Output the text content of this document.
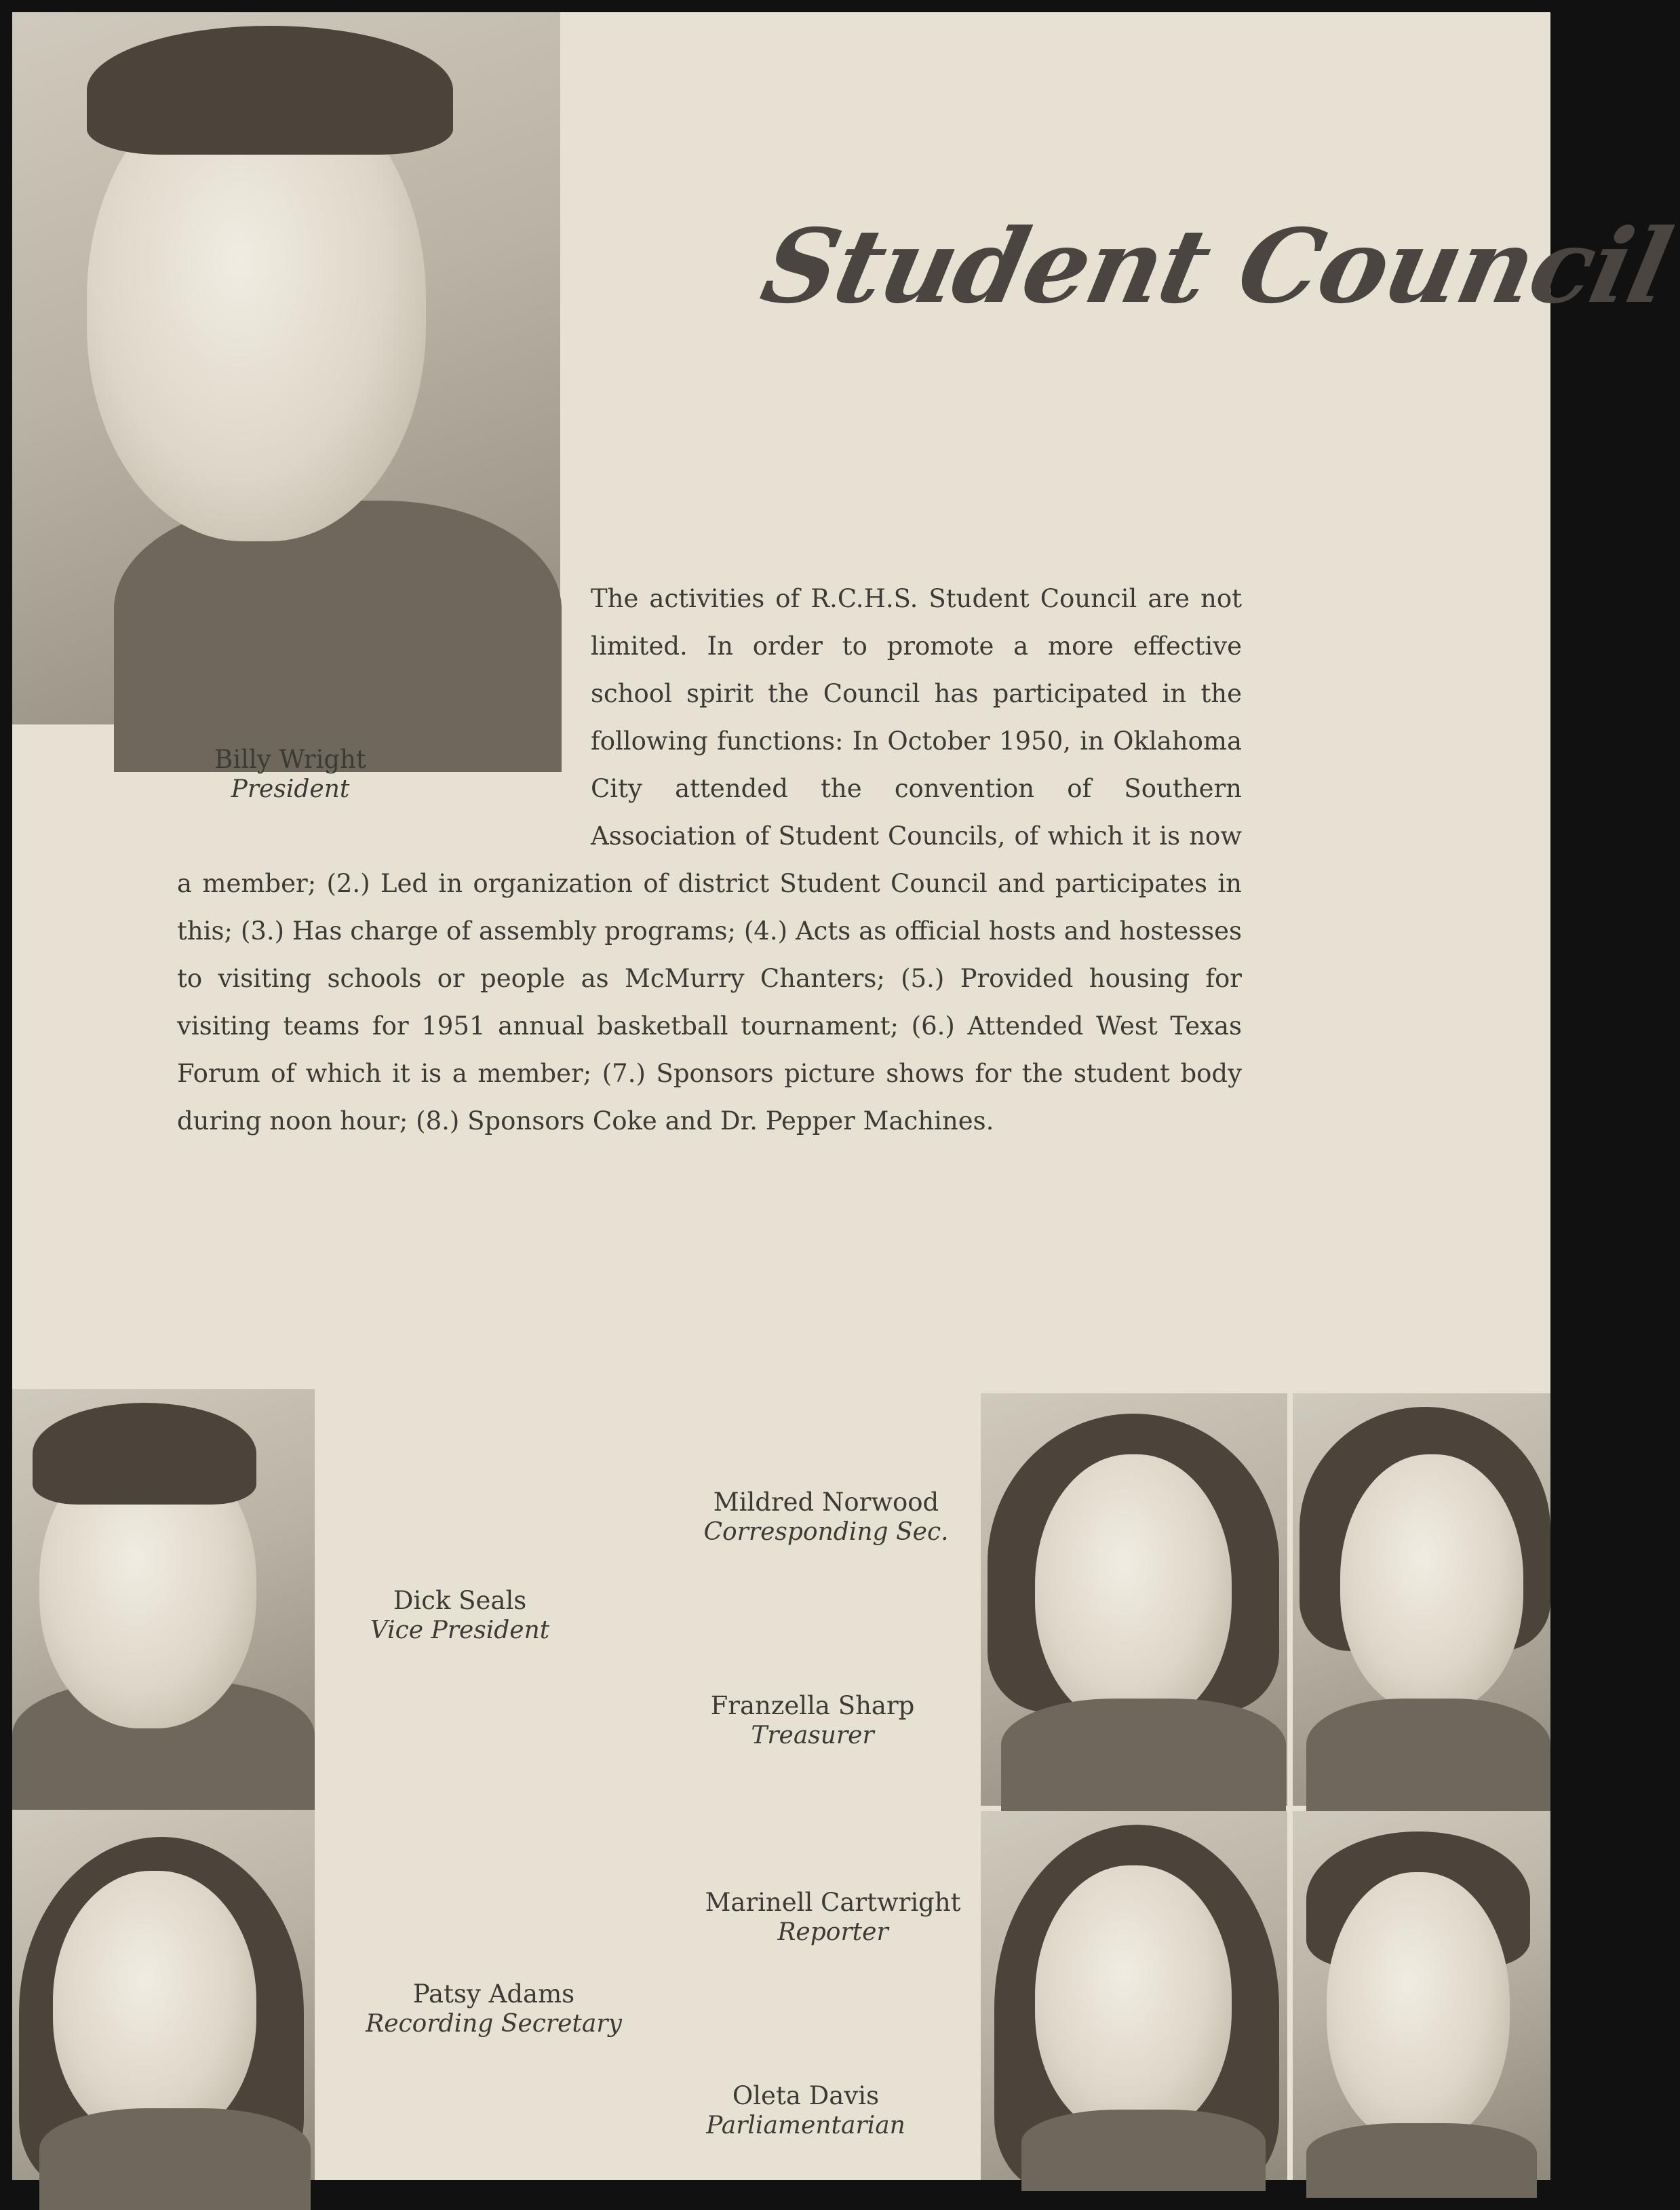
Student Council

The activities of R.C.H.S. Student Council are not limited. In order to promote a more effective school spirit the Council has participated in the following functions: In October 1950, in Oklahoma City attended the convention of Southern Association of Student Councils, of which it is now a member; (2.) Led in organization of district Student Council and participates in this; (3.) Has charge of assembly programs; (4.) Acts as official hosts and hostesses to visiting schools or people as McMurry Chanters; (5.) Provided housing for visiting teams for 1951 annual basketball tournament; (6.) Attended West Texas Forum of which it is a member; (7.) Sponsors picture shows for the student body during noon hour; (8.) Sponsors Coke and Dr. Pepper Machines.

Billy Wright
President
Dick Seals
Vice President
Patsy Adams
Recording Secretary
Mildred Norwood
Corresponding Sec.
Franzella Sharp
Treasurer
Marinell Cartwright
Reporter
Oleta Davis
Parliamentarian
